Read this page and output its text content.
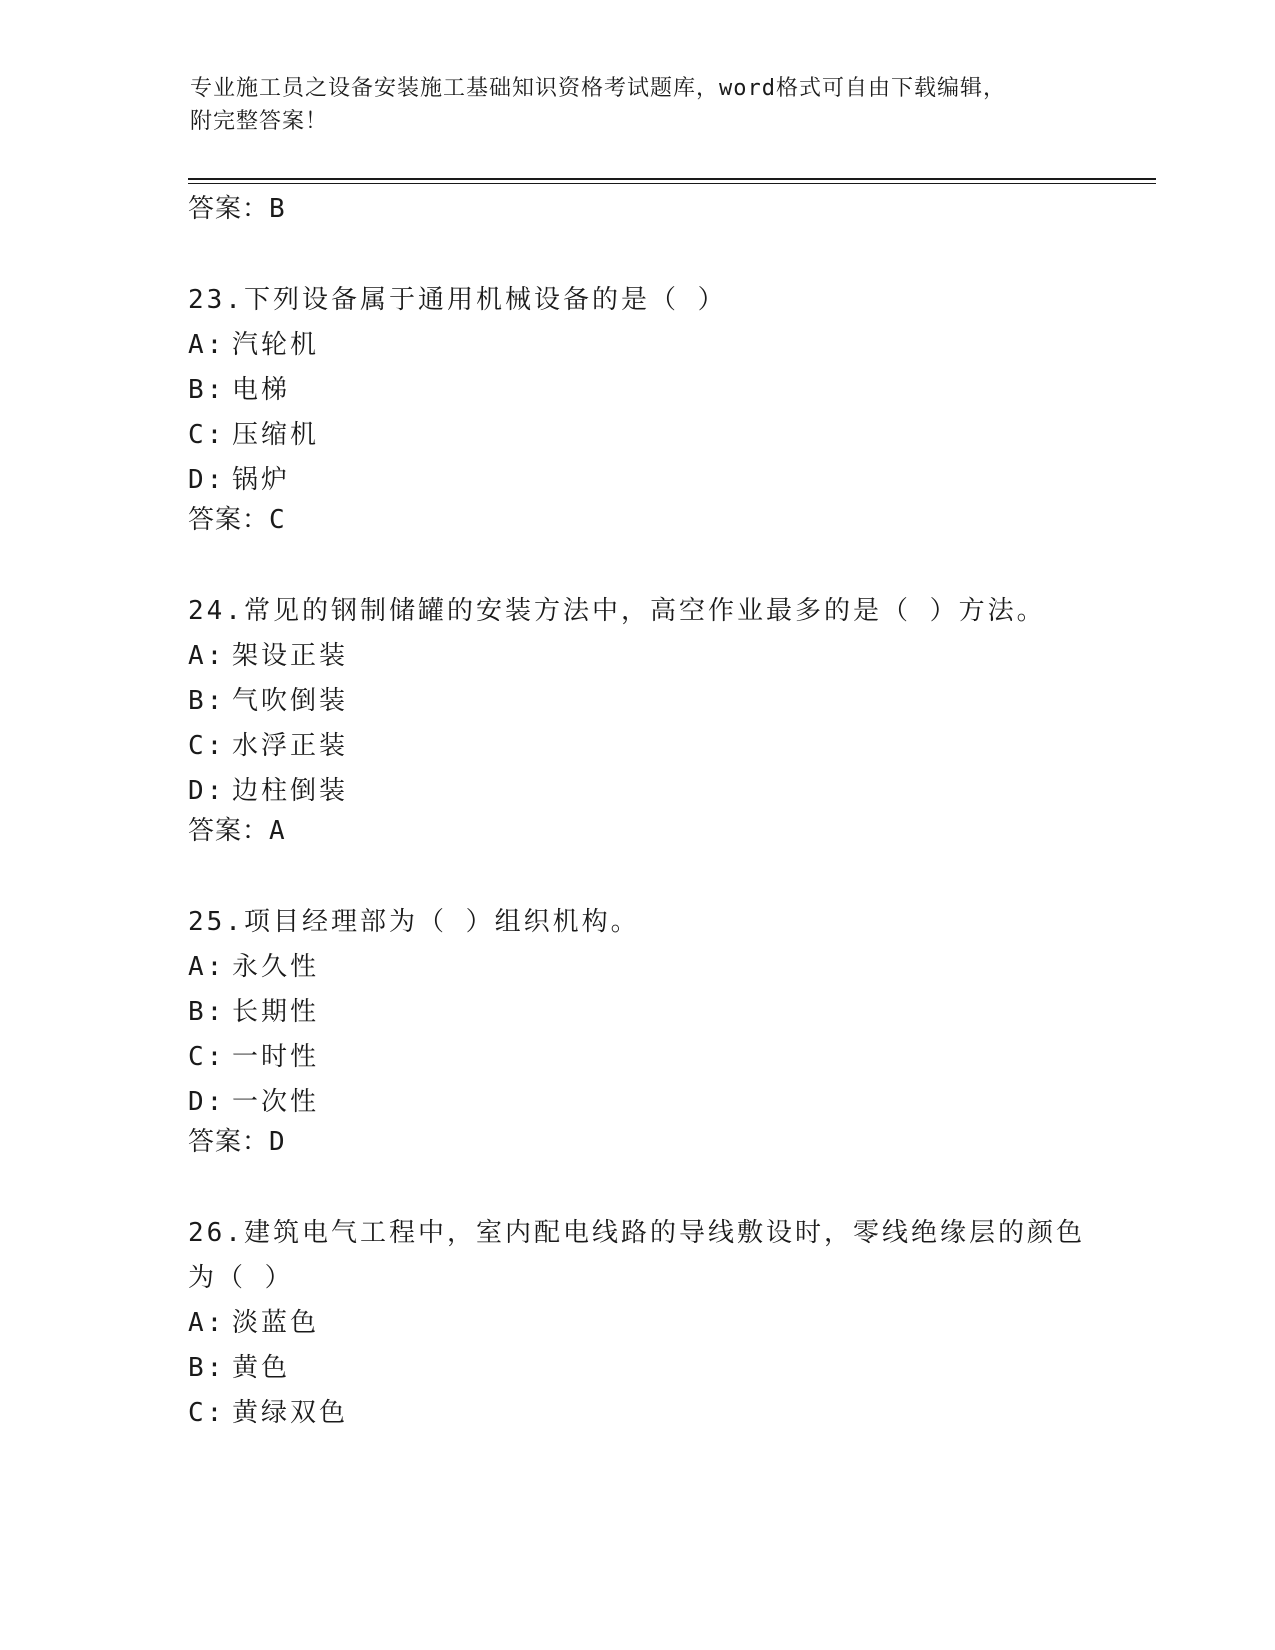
专业施工员之设备安装施工基础知识资格考试题库，word格式可自由下载编辑，
附完整答案！
答案：B
23.下列设备属于通用机械设备的是（ ）
A: 汽轮机
B: 电梯
C: 压缩机
D: 锅炉
答案：C
24.常见的钢制储罐的安装方法中，高空作业最多的是（ ）方法。
A: 架设正装
B: 气吹倒装
C: 水浮正装
D: 边柱倒装
答案：A
25.项目经理部为（ ）组织机构。
A: 永久性
B: 长期性
C: 一时性
D: 一次性
答案：D
26.建筑电气工程中，室内配电线路的导线敷设时，零线绝缘层的颜色
为（ ）
A: 淡蓝色
B: 黄色
C: 黄绿双色
